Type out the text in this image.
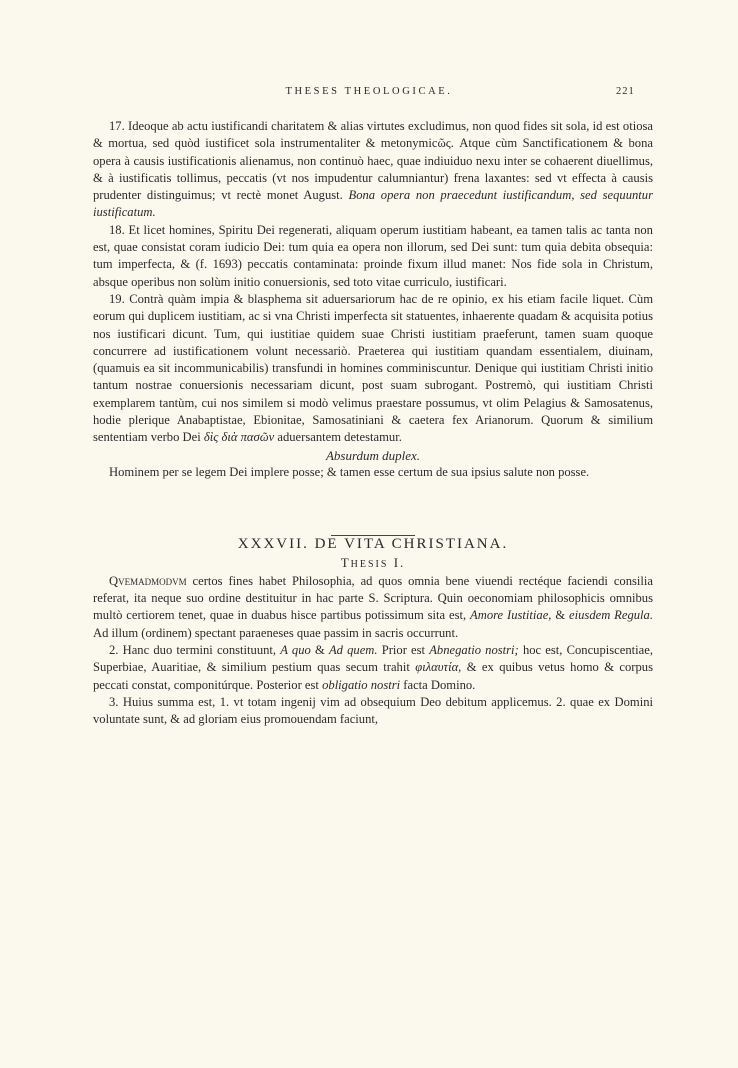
THESES THEOLOGICAE.	221

17. Ideoque ab actu iustificandi charitatem & alias virtutes excludimus, non quod fides sit sola, id est otiosa & mortua, sed quòd iustificet sola instrumentaliter & metonymicῶς. Atque cùm Sanctificationem & bona opera à causis iustificationis alienamus, non continuò haec, quae indiuiduo nexu inter se cohaerent diuellimus, & à iustificatis tollimus, peccatis (vt nos impudentur calumniantur) frena laxantes: sed vt effecta à causis prudenter distinguimus; vt rectè monet August. Bona opera non praecedunt iustificandum, sed sequuntur iustificatum.

18. Et licet homines, Spiritu Dei regenerati, aliquam operum iustitiam habeant, ea tamen talis ac tanta non est, quae consistat coram iudicio Dei: tum quia ea opera non illorum, sed Dei sunt: tum quia debita obsequia: tum imperfecta, & (f. 1693) peccatis contaminata: proinde fixum illud manet: Nos fide sola in Christum, absque operibus non solùm initio conuersionis, sed toto vitae curriculo, iustificari.

19. Contrà quàm impia & blasphema sit aduersariorum hac de re opinio, ex his etiam facile liquet. Cùm eorum qui duplicem iustitiam, ac si vna Christi imperfecta sit statuentes, inhaerente quadam & acquisita potius nos iustificari dicunt. Tum, qui iustitiae quidem suae Christi iustitiam praeferunt, tamen suam quoque concurrere ad iustificationem volunt necessariò. Praeterea qui iustitiam quandam essentialem, diuinam, (quamuis ea sit incommunicabilis) transfundi in homines comminiscuntur. Denique qui iustitiam Christi initio tantum nostrae conuersionis necessariam dicunt, post suam subrogant. Postremò, qui iustitiam Christi exemplarem tantùm, cui nos similem si modò velimus praestare possumus, vt olim Pelagius & Samosatenus, hodie plerique Anabaptistae, Ebionitae, Samosatiniani & caetera fex Arianorum. Quorum & similium sententiam verbo Dei δὶς διὰ πασῶν aduersantem detestamur.

Absurdum duplex.

Hominem per se legem Dei implere posse; & tamen esse certum de sua ipsius salute non posse.

XXXVII. DE VITA CHRISTIANA.

THESIS I.

Qvemadmodvm certos fines habet Philosophia, ad quos omnia bene viuendi rectéque faciendi consilia referat, ita neque suo ordine destituitur in hac parte S. Scriptura. Quin oeconomiam philosophicis omnibus multò certiorem tenet, quae in duabus hisce partibus potissimum sita est, Amore Iustitiae, & eiusdem Regula. Ad illum (ordinem) spectant paraeneses quae passim in sacris occurrunt.

2. Hanc duo termini constituunt, A quo & Ad quem. Prior est Abnegatio nostri; hoc est, Concupiscentiae, Superbiae, Auaritiae, & similium pestium quas secum trahit φιλαυτία, & ex quibus vetus homo & corpus peccati constat, componitúrque. Posterior est obligatio nostri facta Domino.

3. Huius summa est, 1. vt totam ingenij vim ad obsequium Deo debitum applicemus. 2. quae ex Domini voluntate sunt, & ad gloriam eius promouendam faciunt,
